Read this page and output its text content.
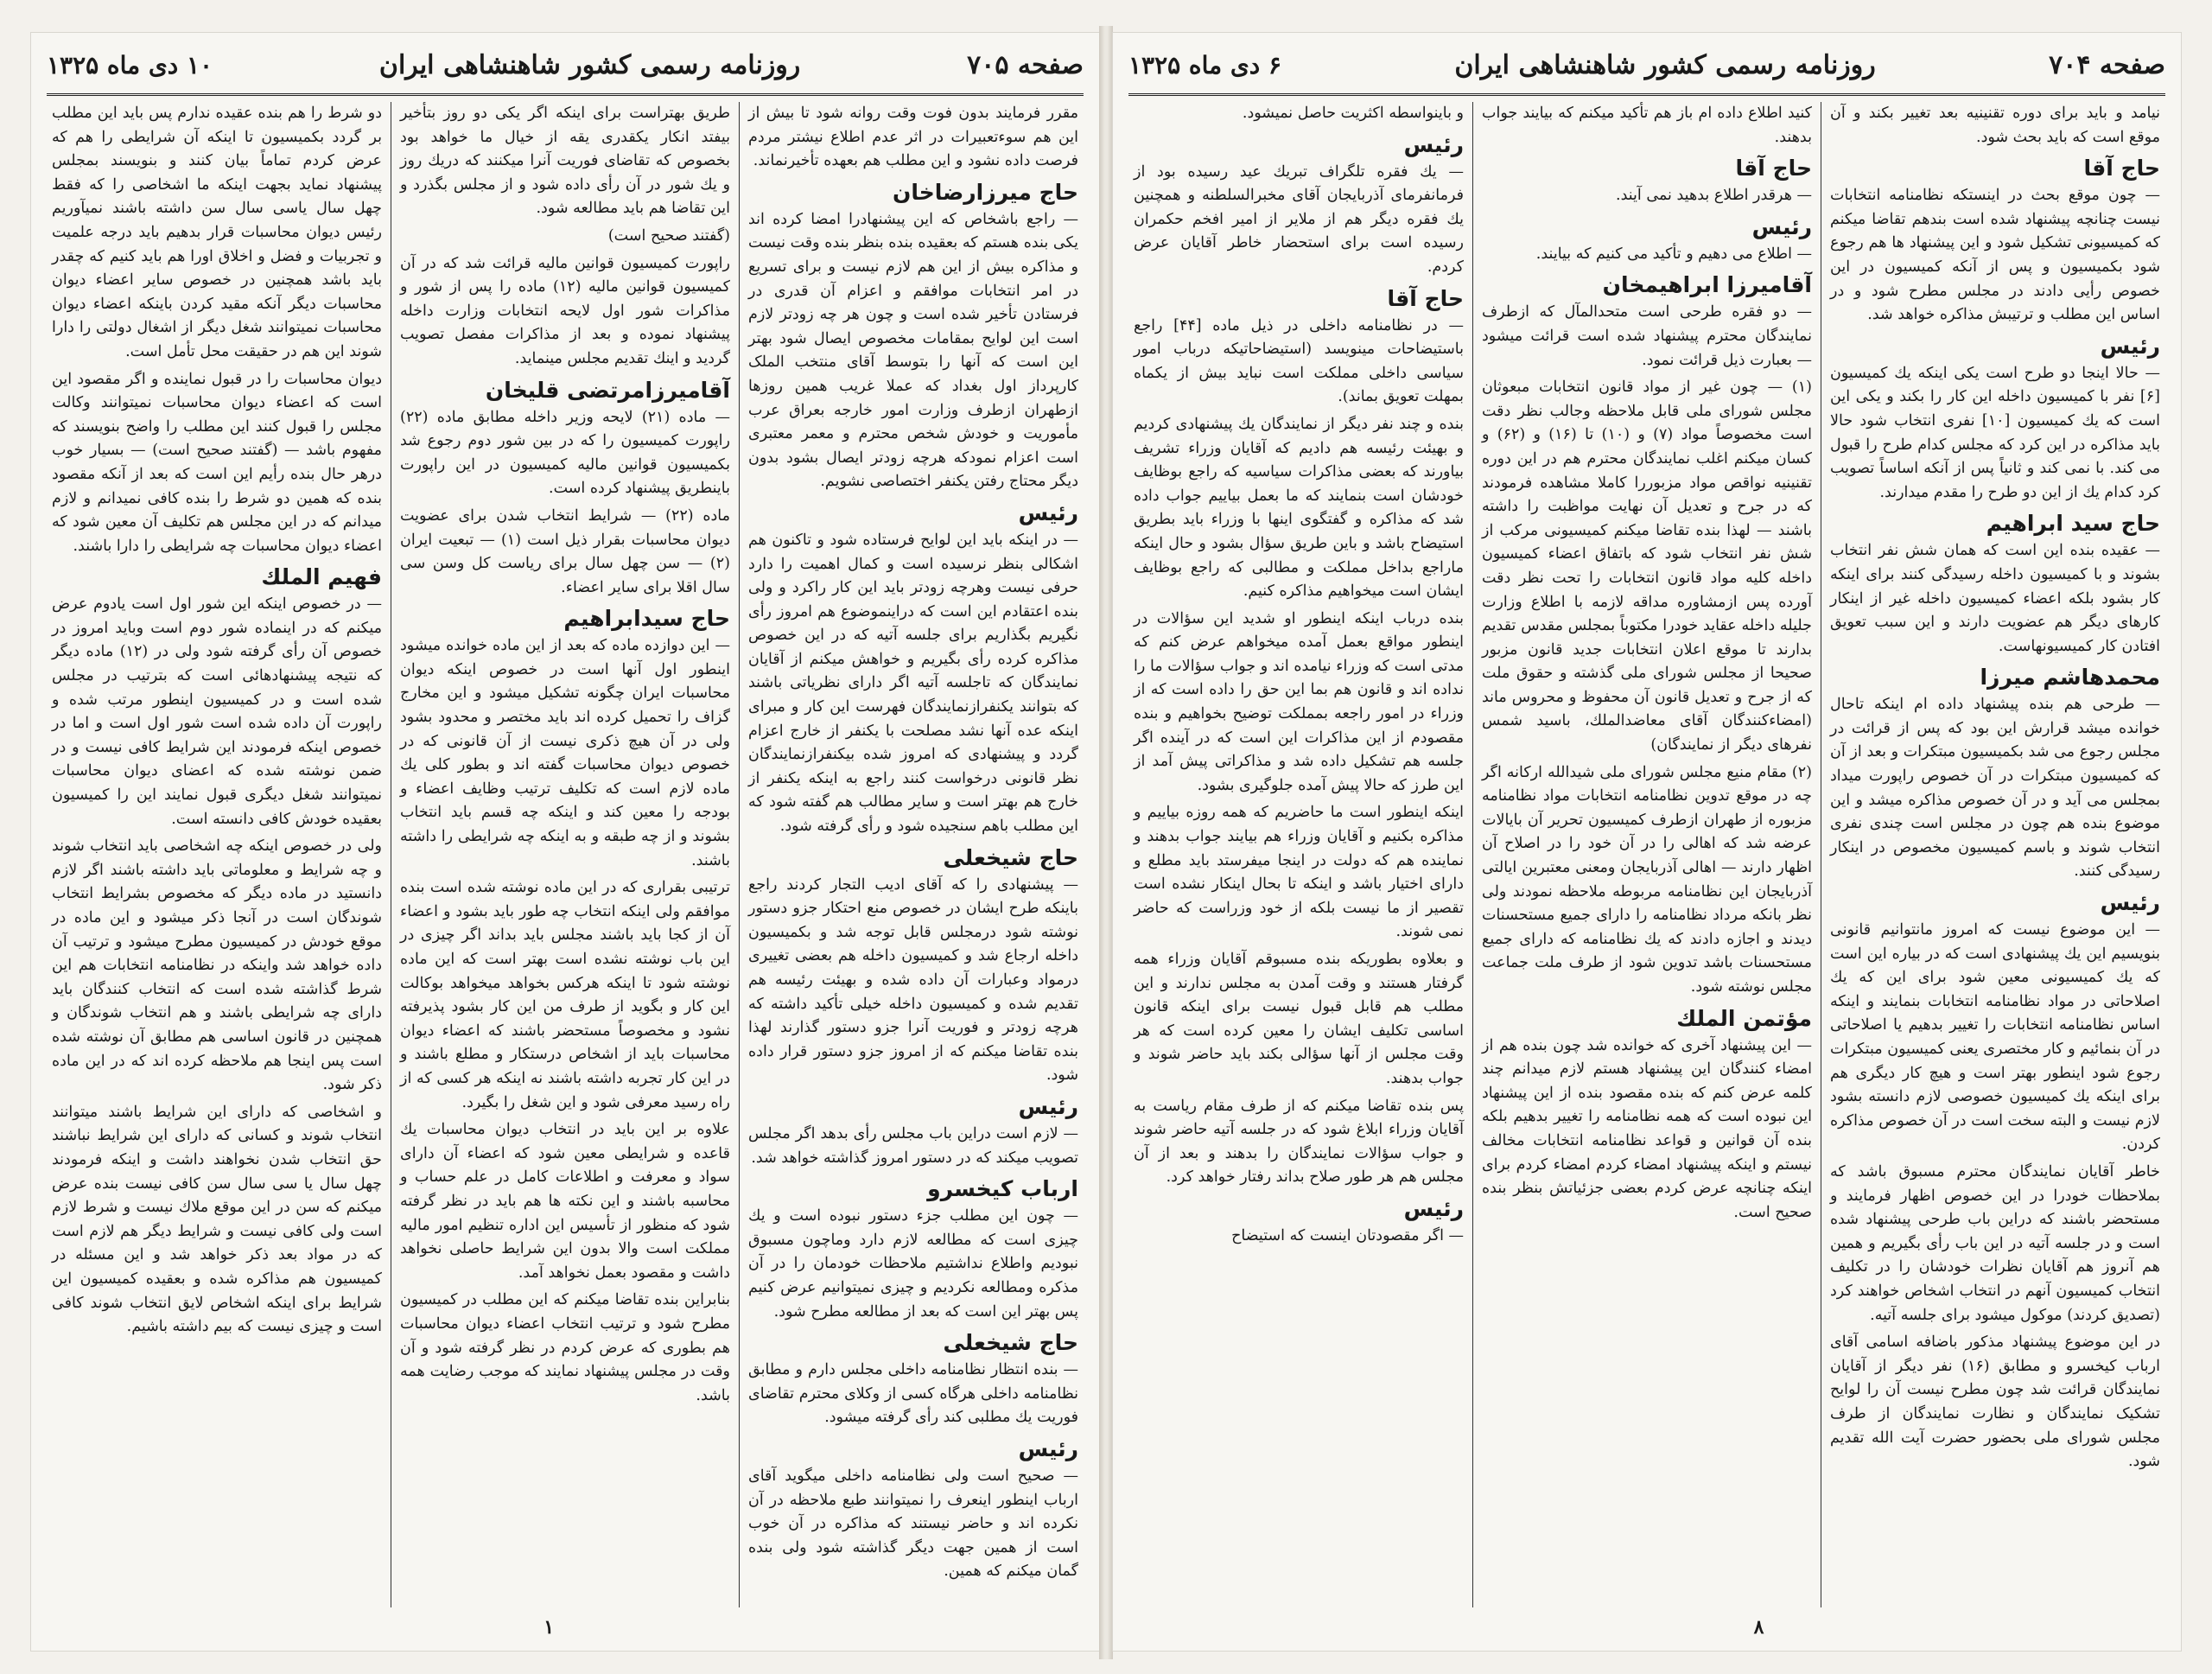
صفحه ۷۰۵
روزنامه رسمی کشور شاهنشاهی ایران
۱۰ دی ماه ۱۳۲۵

مقرر فرمایند بدون فوت وقت روانه شود تا بیش از این هم سوءتعبیرات در اثر عدم اطلاع نیشتر مردم فرصت داده نشود و این مطلب هم بعهده تأخیرنماند.

حاج میرزارضاخان

— راجع باشخاص که این پیشنهادرا امضا کرده اند یکی بنده هستم که بعقیده بنده بنظر بنده وقت نیست و مذاکره بیش از این هم لازم نیست و برای تسریع در امر انتخابات موافقم و اعزام آن قدری در فرستادن تأخیر شده است و چون هر چه زودتر لازم است این لوایح بمقامات مخصوص ایصال شود بهتر این است که آنها را بتوسط آقای منتخب الملک کارپرداز اول بغداد که عملا غریب همین روزها ازطهران ازطرف وزارت امور خارجه بعراق عرب مأموریت و خودش شخص محترم و معمر معتبری است اعزام نمودکه هرچه زودتر ایصال بشود بدون دیگر محتاج رفتن یکنفر اختصاصی نشویم.

رئیس

— در اینکه باید این لوایح فرستاده شود و تاکنون هم اشکالی بنظر نرسیده است و کمال اهمیت را دارد حرفی نیست وهرچه زودتر باید این کار راکرد و ولی بنده اعتقادم این است که دراینموضوع هم امروز رأی نگیریم بگذاریم برای جلسه آتیه که در این خصوص مذاکره کرده رأی بگیریم و خواهش میکنم از آقایان نمایندگان که تاجلسه آتیه اگر دارای نظریاتی باشند که بتوانند یکنفرازنمایندگان فهرست این کار و مبرای اینکه عده آنها نشد مصلحت با یکنفر از خارج اعزام گردد و پیشنهادی که امروز شده بیکنفرازنمایندگان نظر قانونی درخواست کنند راجع به اینکه یکنفر از خارج هم بهتر است و سایر مطالب هم گفته شود که این مطلب باهم سنجیده شود و رأی گرفته شود.

حاج شیخعلی

— پیشنهادی را که آقای ادیب التجار کردند راجع باینکه طرح ایشان در خصوص منع احتکار جزو دستور نوشته شود درمجلس قابل توجه شد و بکمیسیون داخله ارجاع شد و کمیسیون داخله هم بعضی تغییری درمواد وعبارات آن داده شده و بهیئت رئیسه هم تقدیم شده و کمیسیون داخله خیلی تأکید داشته که هرچه زودتر و فوریت آنرا جزو دستور گذارند لهذا بنده تقاضا میکنم که از امروز جزو دستور قرار داده شود.

رئیس

— لازم است دراین باب مجلس رأی بدهد اگر مجلس تصویب میکند که در دستور امروز گذاشته خواهد شد.

ارباب کیخسرو

— چون این مطلب جزء دستور نبوده است و یك چیزی است که مطالعه لازم دارد وماچون مسبوق نبودیم واطلاع نداشتیم ملاحظات خودمان را در آن مذکره ومطالعه نکردیم و چیزی نمیتوانیم عرض کنیم پس بهتر این است که بعد از مطالعه مطرح شود.

حاج شیخعلی

— بنده انتظار نظامنامه داخلی مجلس دارم و مطابق نظامنامه داخلی هرگاه کسی از وکلای محترم تقاضای فوریت یك مطلبی کند رأی گرفته میشود.

رئیس

— صحیح است ولی نظامنامه داخلی میگوید آقای ارباب اینطور اینعرف را نمیتوانند طبع ملاحظه در آن نکرده اند و حاضر نیستند که مذاکره در آن خوب است از همین جهت دیگر گذاشته شود ولی بنده گمان میکنم که همین.

طریق بهتراست برای اینکه اگر یکی دو روز بتأخیر بیفتد انکار یکقدری یقه از خیال ما خواهد بود بخصوص که تقاضای فوریت آنرا میکنند که دریك روز و یك شور در آن رأی داده شود و از مجلس بگذرد و این تقاضا هم باید مطالعه شود.

(گفتند صحیح است)

راپورت کمیسیون قوانین مالیه قرائت شد که در آن کمیسیون قوانین مالیه (۱۲) ماده را پس از شور و مذاکرات شور اول لایحه انتخابات وزارت داخله پیشنهاد نموده و بعد از مذاکرات مفصل تصویب گردید و اینك تقدیم مجلس مینماید.

آقامیرزامرتضی قلیخان

— ماده (۲۱) لایحه وزیر داخله مطابق ماده (۲۲) راپورت کمیسیون را که در بین شور دوم رجوع شد بکمیسیون قوانین مالیه کمیسیون در این راپورت باینطریق پیشنهاد کرده است.

ماده (۲۲) — شرایط انتخاب شدن برای عضویت دیوان محاسبات بقرار ذیل است (۱) — تبعیت ایران (۲) — سن چهل سال برای ریاست کل وسن سی سال اقلا برای سایر اعضاء.

حاج سیدابراهیم

— این دوازده ماده که بعد از این ماده خوانده میشود اینطور اول آنها است در خصوص اینکه دیوان محاسبات ایران چگونه تشکیل میشود و این مخارج گزاف را تحمیل کرده اند باید مختصر و محدود بشود ولی در آن هیچ ذکری نیست از آن قانونی که در خصوص دیوان محاسبات گفته اند و بطور کلی یك ماده لازم است که تکلیف ترتیب وظایف اعضاء و بودجه را معین کند و اینکه چه قسم باید انتخاب بشوند و از چه طبقه و به اینکه چه شرایطی را داشته باشند.

ترتیبی بقراری که در این ماده نوشته شده است بنده موافقم ولی اینکه انتخاب چه طور باید بشود و اعضاء آن از کجا باید باشند مجلس باید بداند اگر چیزی در این باب نوشته نشده است بهتر است که این ماده نوشته شود تا اینکه هرکس بخواهد میخواهد بوکالت این کار و بگوید از طرف من این کار بشود پذیرفته نشود و مخصوصاً مستحضر باشند که اعضاء دیوان محاسبات باید از اشخاص درستکار و مطلع باشند و در این کار تجربه داشته باشند نه اینکه هر کسی که از راه رسید معرفی شود و این شغل را بگیرد.

علاوه بر این باید در انتخاب دیوان محاسبات یك قاعده و شرایطی معین شود که اعضاء آن دارای سواد و معرفت و اطلاعات کامل در علم حساب و محاسبه باشند و این نکته ها هم باید در نظر گرفته شود که منظور از تأسیس این اداره تنظیم امور مالیه مملکت است والا بدون این شرایط حاصلی نخواهد داشت و مقصود بعمل نخواهد آمد.

بنابراین بنده تقاضا میکنم که این مطلب در کمیسیون مطرح شود و ترتیب انتخاب اعضاء دیوان محاسبات هم بطوری که عرض کردم در نظر گرفته شود و آن وقت در مجلس پیشنهاد نمایند که موجب رضایت همه باشد.

دو شرط را هم بنده عقیده ندارم پس باید این مطلب بر گردد بکمیسیون تا اینکه آن شرایطی را هم که عرض کردم تماماً بیان کنند و بنویسند بمجلس پیشنهاد نماید بجهت اینکه ما اشخاصی را که فقط چهل سال یاسی سال سن داشته باشند نمیآوریم رئیس دیوان محاسبات قرار بدهیم باید درجه علمیت و تجربیات و فضل و اخلاق اورا هم باید کنیم که چقدر باید باشد همچنین در خصوص سایر اعضاء دیوان محاسبات دیگر آنکه مقید کردن باینکه اعضاء دیوان محاسبات نمیتوانند شغل دیگر از اشغال دولتی را دارا شوند این هم در حقیقت محل تأمل است.

دیوان محاسبات را در قبول نماینده و اگر مقصود این است که اعضاء دیوان محاسبات نمیتوانند وکالت مجلس را قبول کنند این مطلب را واضح بنویسند که مفهوم باشد — (گفتند صحیح است) — بسیار خوب درهر حال بنده رأیم این است که بعد از آنکه مقصود بنده که همین دو شرط را بنده کافی نمیدانم و لازم میدانم که در این مجلس هم تکلیف آن معین شود که اعضاء دیوان محاسبات چه شرایطی را دارا باشند.

فهیم الملك

— در خصوص اینکه این شور اول است یادوم عرض میکنم که در اینماده شور دوم است وباید امروز در خصوص آن رأی گرفته شود ولی در (۱۲) ماده دیگر که نتیجه پیشنهادهائی است که بترتیب در مجلس شده است و در کمیسیون اینطور مرتب شده و راپورت آن داده شده است شور اول است و اما در خصوص اینکه فرمودند این شرایط کافی نیست و در ضمن نوشته شده که اعضای دیوان محاسبات نمیتوانند شغل دیگری قبول نمایند این را کمیسیون بعقیده خودش کافی دانسته است.

ولی در خصوص اینکه چه اشخاصی باید انتخاب شوند و چه شرایط و معلوماتی باید داشته باشند اگر لازم دانستید در ماده دیگر که مخصوص بشرایط انتخاب شوندگان است در آنجا ذکر میشود و این ماده در موقع خودش در کمیسیون مطرح میشود و ترتیب آن داده خواهد شد واینکه در نظامنامه انتخابات هم این شرط گذاشته شده است که انتخاب کنندگان باید دارای چه شرایطی باشند و هم انتخاب شوندگان و همچنین در قانون اساسی هم مطابق آن نوشته شده است پس اینجا هم ملاحظه کرده اند که در این ماده ذکر شود.

و اشخاصی که دارای این شرایط باشند میتوانند انتخاب شوند و کسانی که دارای این شرایط نباشند حق انتخاب شدن نخواهند داشت و اینکه فرمودند چهل سال یا سی سال سن کافی نیست بنده عرض میکنم که سن در این موقع ملاك نیست و شرط لازم است ولی کافی نیست و شرایط دیگر هم لازم است که در مواد بعد ذکر خواهد شد و این مسئله در کمیسیون هم مذاکره شده و بعقیده کمیسیون این شرایط برای اینکه اشخاص لایق انتخاب شوند کافی است و چیزی نیست که بیم داشته باشیم.

۱
صفحه ۷۰۴
روزنامه رسمی کشور شاهنشاهی ایران
۶ دی ماه ۱۳۲۵

نیامد و باید برای دوره تقنینیه بعد تغییر بکند و آن موقع است که باید بحث شود.

حاج آقا

— چون موقع بحث در اینستکه نظامنامه انتخابات نیست چنانچه پیشنهاد شده است بندهم تقاضا میکنم که کمیسیونی تشکیل شود و این پیشنهاد ها هم رجوع شود بکمیسیون و پس از آنکه کمیسیون در این خصوص رأیی دادند در مجلس مطرح شود و در اساس این مطلب و ترتیبش مذاکره خواهد شد.

رئیس

— حالا اینجا دو طرح است یکی اینکه یك کمیسیون [۶] نفر با کمیسیون داخله این کار را بکند و یکی این است که یك کمیسیون [۱۰] نفری انتخاب شود حالا باید مذاکره در این کرد که مجلس کدام طرح را قبول می کند. با نمی کند و ثانیاً پس از آنکه اساساً تصویب کرد کدام یك از این دو طرح را مقدم میدارند.

حاج سید ابراهیم

— عقیده بنده این است که همان شش نفر انتخاب بشوند و با کمیسیون داخله رسیدگی کنند برای اینکه کار بشود بلکه اعضاء کمیسیون داخله غیر از اینکار کارهای دیگر هم عضویت دارند و این سبب تعویق افتادن کار کمیسیونهاست.

محمدهاشم میرزا

— طرحی هم بنده پیشنهاد داده ام اینکه تاحال خوانده میشد قرارش این بود که پس از قرائت در مجلس رجوع می شد بکمیسیون مبتکرات و بعد از آن که کمیسیون مبتکرات در آن خصوص راپورت میداد بمجلس می آید و در آن خصوص مذاکره میشد و این موضوع بنده هم چون در مجلس است چندی نفری انتخاب شوند و باسم کمیسیون مخصوص در اینکار رسیدگی کنند.

رئیس

— این موضوع نیست که امروز مانتوانیم قانونی بنویسیم این یك پیشنهادی است که در بیاره این است که یك کمیسیونی معین شود برای این که یك اصلاحاتی در مواد نظامنامه انتخابات بنمایند و اینکه اساس نظامنامه انتخابات را تغییر بدهیم یا اصلاحاتی در آن بنمائیم و کار مختصری یعنی کمیسیون مبتکرات رجوع شود اینطور بهتر است و هیچ کار دیگری هم برای اینکه یك کمیسیون خصوصی لازم دانسته بشود لازم نیست و البته سخت است در آن خصوص مذاکره کردن.

خاطر آقایان نمایندگان محترم مسبوق باشد که بملاحظات خودرا در این خصوص اظهار فرمایند و مستحضر باشند که دراین باب طرحی پیشنهاد شده است و در جلسه آتیه در این باب رأی بگیریم و همین هم آنروز هم آقایان نظرات خودشان را در تکلیف انتخاب کمیسیون آنهم در انتخاب اشخاص خواهند کرد (تصدیق کردند) موکول میشود برای جلسه آتیه.

در این موضوع پیشنهاد مذکور باضافه اسامی آقای ارباب کیخسرو و مطابق (۱۶) نفر دیگر از آقایان نمایندگان قرائت شد چون مطرح نیست آن را لوایح تشکیک نمایندگان و نظارت نمایندگان از طرف مجلس شورای ملی بحضور حضرت آیت الله تقدیم شود.

کنید اطلاع داده ام باز هم تأکید میکنم که بیایند جواب بدهند.

حاج آقا

— هرقدر اطلاع بدهید نمی آیند.

رئیس

— اطلاع می دهیم و تأکید می کنیم که بیایند.

آقامیرزا ابراهیمخان

— دو فقره طرحی است متحدالمآل که ازطرف نمایندگان محترم پیشنهاد شده است قرائت میشود — بعبارت ذیل قرائت نمود.

(۱) — چون غیر از مواد قانون انتخابات مبعوثان مجلس شورای ملی قابل ملاحظه وجالب نظر دقت است مخصوصاً مواد (۷) و (۱۰) تا (۱۶) و (۶۲) و کسان میکنم اغلب نمایندگان محترم هم در این دوره تقنینیه نواقص مواد مزبوررا کاملا مشاهده فرمودند که در جرح و تعدیل آن نهایت مواظبت را داشته باشند — لهذا بنده تقاضا میکنم کمیسیونی مرکب از شش نفر انتخاب شود که باتفاق اعضاء کمیسیون داخله کلیه مواد قانون انتخابات را تحت نظر دقت آورده پس ازمشاوره مداقه لازمه با اطلاع وزارت جلیله داخله عقاید خودرا مکتوباً بمجلس مقدس تقدیم بدارند تا موقع اعلان انتخابات جدید قانون مزبور صحیحا از مجلس شورای ملی گذشته و حقوق ملت که از جرح و تعدیل قانون آن محفوظ و محروس ماند (امضاءکنندگان آقای معاضدالملك، باسید شمس نفرهای دیگر از نمایندگان)

(۲) مقام منیع مجلس شورای ملی شیدالله ارکانه اگر چه در موقع تدوین نظامنامه انتخابات مواد نظامنامه مزبوره از طهران ازطرف کمیسیون تحریر آن بایالات عرضه شد که اهالی را در آن خود را در اصلاح آن اظهار دارند — اهالی آذربایجان ومعنی معتبرین ایالتی آذربایجان این نظامنامه مربوطه ملاحظه نمودند ولی نظر بانکه مرداد نظامنامه را دارای جمیع مستحسنات دیدند و اجازه دادند که یك نظامنامه که دارای جمیع مستحسنات باشد تدوین شود از طرف ملت جماعت مجلس نوشته شود.

مؤتمن الملك

— این پیشنهاد آخری که خوانده شد چون بنده هم از امضاء کنندگان این پیشنهاد هستم لازم میدانم چند کلمه عرض کنم که بنده مقصود بنده از این پیشنهاد این نبوده است که همه نظامنامه را تغییر بدهیم بلکه بنده آن قوانین و قواعد نظامنامه انتخابات مخالف نیستم و اینکه پیشنهاد امضاء کردم امضاء کردم برای اینکه چنانچه عرض کردم بعضی جزئیاتش بنظر بنده صحیح است.

و باینواسطه اکثریت حاصل نمیشود.

رئیس

— یك فقره تلگراف تبریك عید رسیده بود از فرمانفرمای آذربایجان آقای مخبرالسلطنه و همچنین یك فقره دیگر هم از ملایر از امیر افخم حکمران رسیده است برای استحضار خاطر آقایان عرض کردم.

حاج آقا

— در نظامنامه داخلی در ذیل ماده [۴۴] راجع باستیضاحات مینویسد (استیضاحاتیکه درباب امور سیاسی داخلی مملکت است نباید بیش از یکماه بمهلت تعویق بماند).

بنده و چند نفر دیگر از نمایندگان یك پیشنهادی کردیم و بهیئت رئیسه هم دادیم که آقایان وزراء تشریف بیاورند که بعضی مذاکرات سیاسیه که راجع بوظایف خودشان است بنمایند که ما بعمل بیاییم جواب داده شد که مذاکره و گفتگوی اینها با وزراء باید بطریق استیضاح باشد و باین طریق سؤال بشود و حال اینکه ماراجع بداخل مملکت و مطالبی که راجع بوظایف ایشان است میخواهیم مذاکره کنیم.

بنده درباب اینکه اینطور او شدید این سؤالات در اینطور مواقع بعمل آمده میخواهم عرض کنم که مدتی است که وزراء نیامده اند و جواب سؤالات ما را نداده اند و قانون هم بما این حق را داده است که از وزراء در امور راجعه بمملکت توضیح بخواهیم و بنده مقصودم از این مذاکرات این است که در آینده اگر جلسه هم تشکیل داده شد و مذاکراتی پیش آمد از این طرز که حالا پیش آمده جلوگیری بشود.

اینکه اینطور است ما حاضریم که همه روزه بیاییم و مذاکره بکنیم و آقایان وزراء هم بیایند جواب بدهند و نماینده هم که دولت در اینجا میفرستد باید مطلع و دارای اختیار باشد و اینکه تا بحال اینکار نشده است تقصیر از ما نیست بلکه از خود وزراست که حاضر نمی شوند.

و بعلاوه بطوریکه بنده مسبوقم آقایان وزراء همه گرفتار هستند و وقت آمدن به مجلس ندارند و این مطلب هم قابل قبول نیست برای اینکه قانون اساسی تکلیف ایشان را معین کرده است که هر وقت مجلس از آنها سؤالی بکند باید حاضر شوند و جواب بدهند.

پس بنده تقاضا میکنم که از طرف مقام ریاست به آقایان وزراء ابلاغ شود که در جلسه آتیه حاضر شوند و جواب سؤالات نمایندگان را بدهند و بعد از آن مجلس هم هر طور صلاح بداند رفتار خواهد کرد.

رئیس

— اگر مقصودتان اینست که استیضاح

۸
